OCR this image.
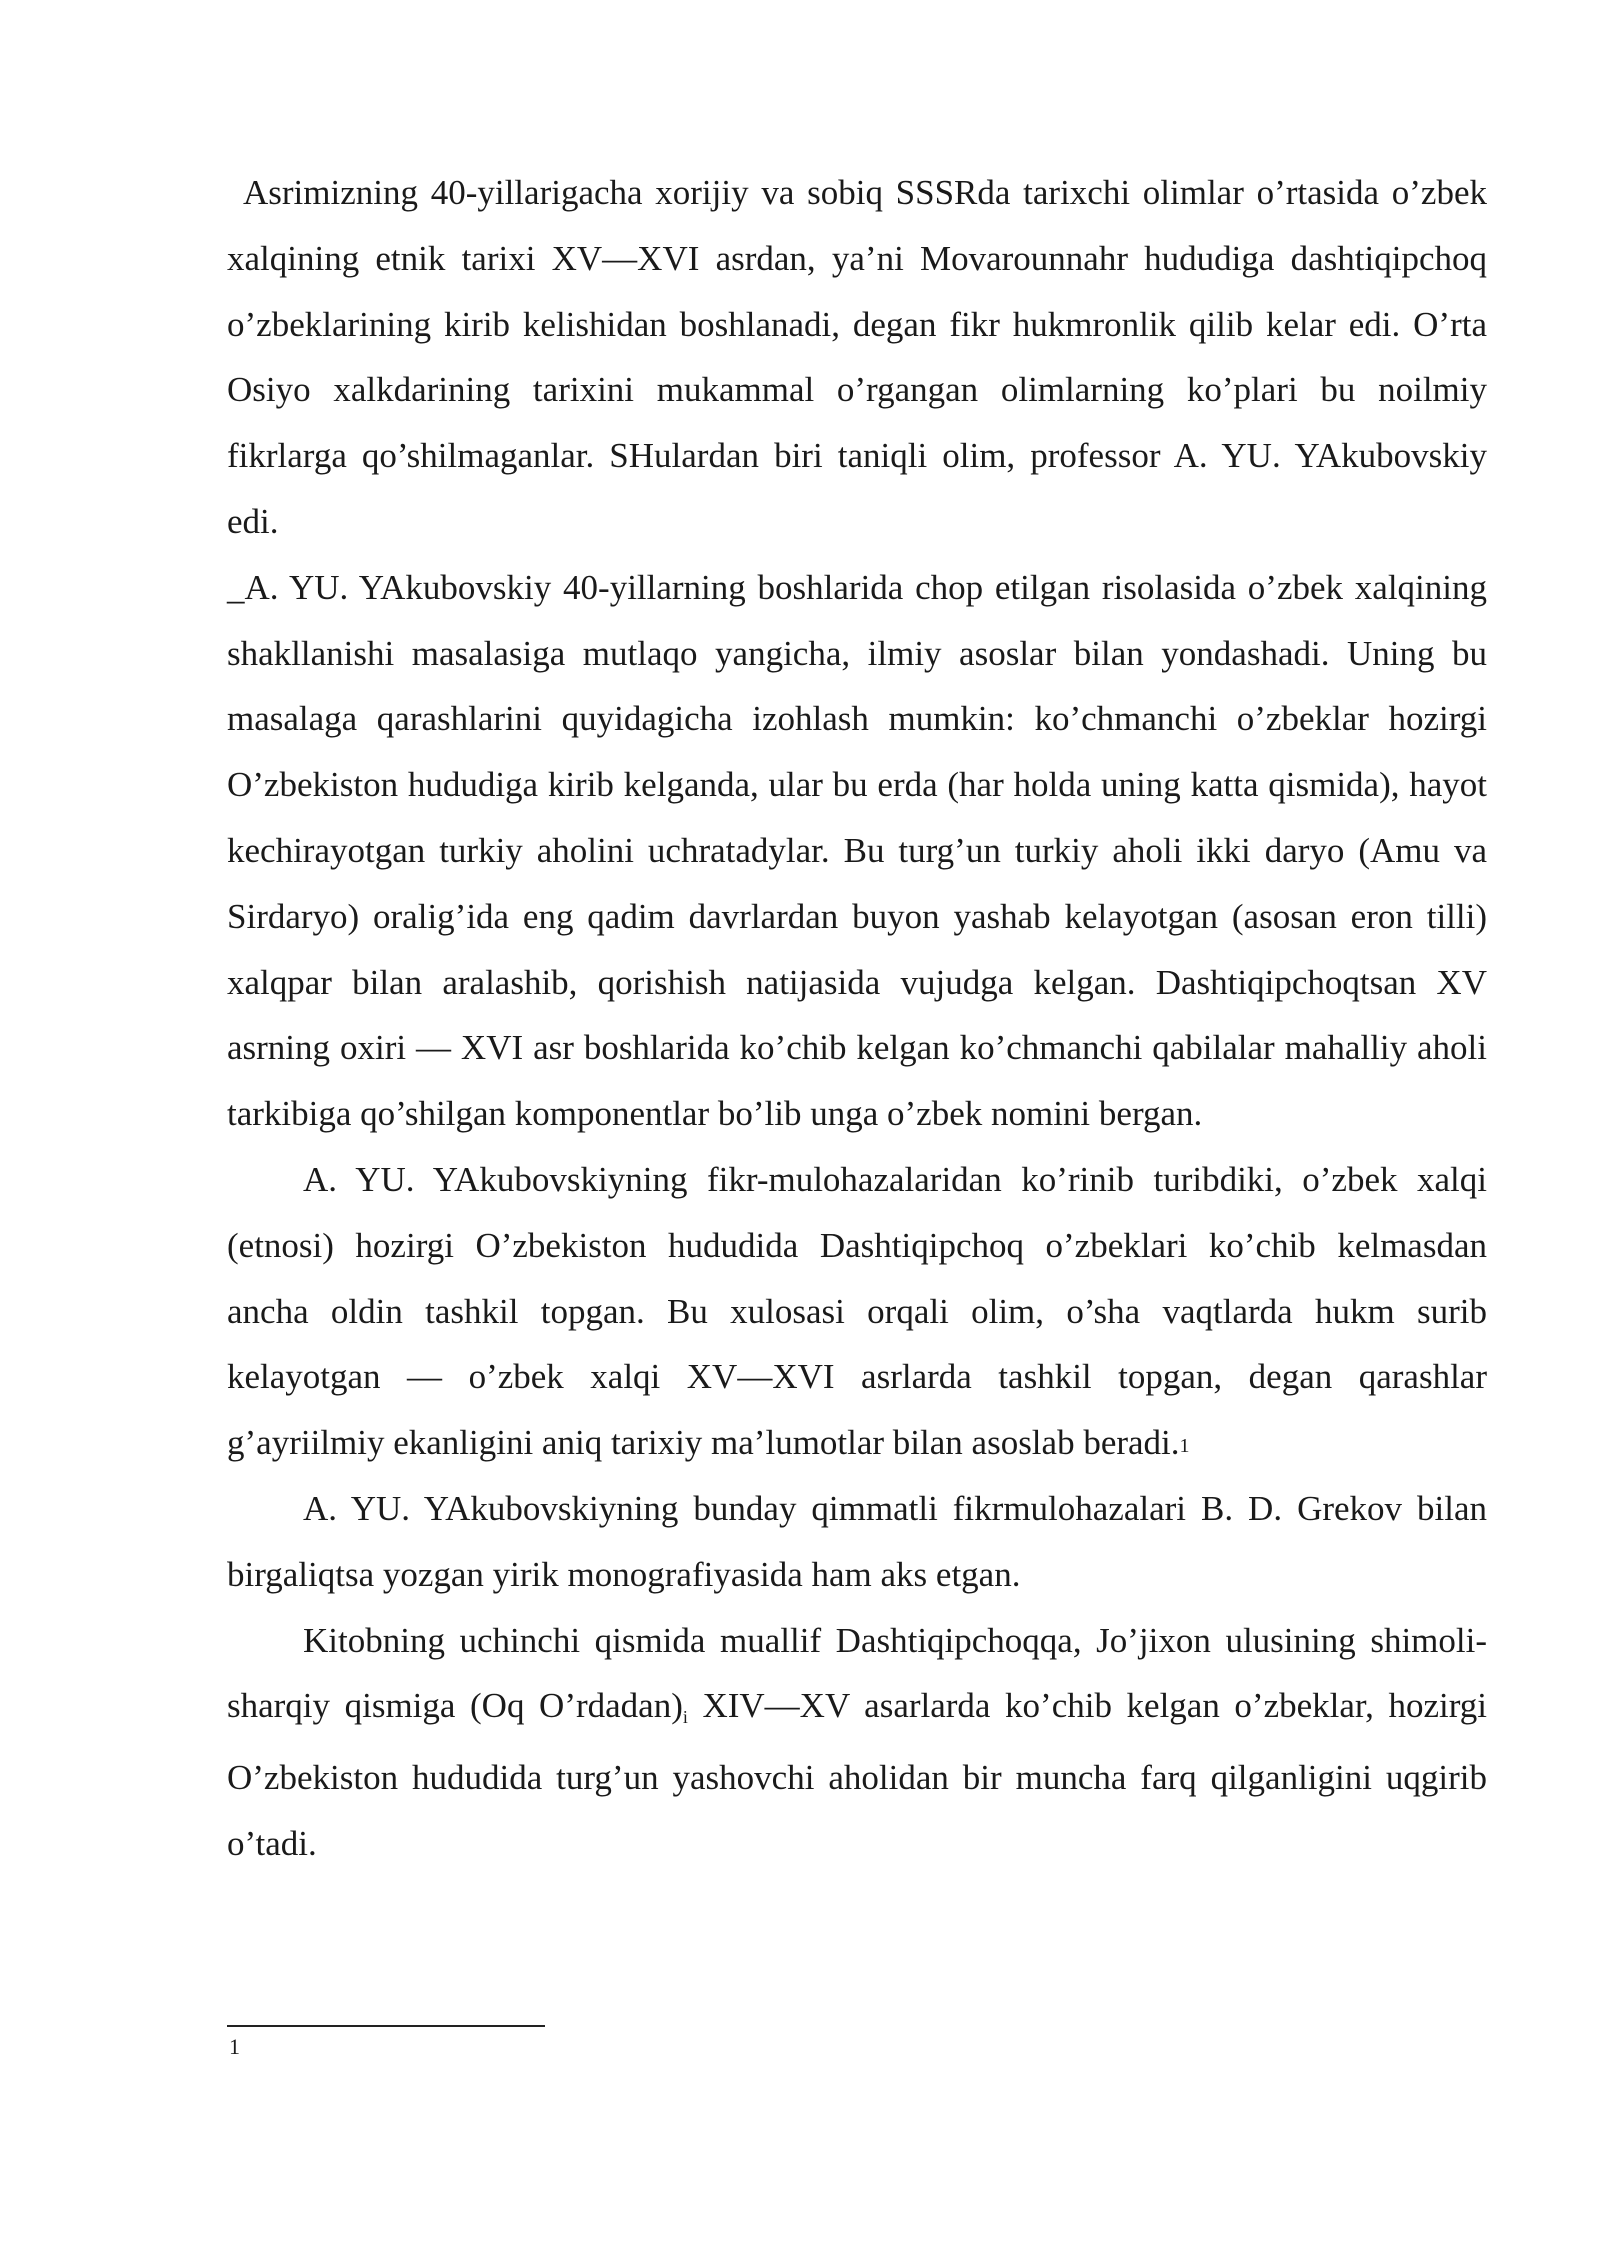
Asrimizning 40-yillarigacha xorijiy va sobiq SSSRda tarixchi olimlar o’rtasida o’zbek xalqining etnik tarixi XV—XVI asrdan, ya’ni Movarounnahr hududiga dashtiqipchoq o’zbeklarining kirib kelishidan boshlanadi, degan fikr hukmronlik qilib kelar edi. O’rta Osiyo xalkdarining tarixini mukammal o’rgangan olimlarning ko’plari bu noilmiy fikrlarga qo’shilmaganlar. SHulardan biri taniqli olim, professor A. YU. YAkubovskiy edi.

_A. YU. YAkubovskiy 40-yillarning boshlarida chop etilgan risolasida o’zbek xalqining shakllanishi masalasiga mutlaqo yangicha, ilmiy asoslar bilan yondashadi. Uning bu masalaga qarashlarini quyidagicha izohlash mumkin: ko’chmanchi o’zbeklar hozirgi O’zbekiston hududiga kirib kelganda, ular bu erda (har holda uning katta qismida), hayot kechirayotgan turkiy aholini uchratadylar. Bu turg’un turkiy aholi ikki daryo (Amu va Sirdaryo) oralig’ida eng qadim davrlardan buyon yashab kelayotgan (asosan eron tilli) xalqpar bilan aralashib, qorishish natijasida vujudga kelgan. Dashtiqipchoqtsan XV asrning oxiri — XVI asr boshlarida ko’chib kelgan ko’chmanchi qabilalar mahalliy aholi tarkibiga qo’shilgan komponentlar bo’lib unga o’zbek nomini bergan.

A. YU. YAkubovskiyning fikr-mulohazalaridan ko’rinib turibdiki, o’zbek xalqi (etnosi) hozirgi O’zbekiston hududida Dashtiqipchoq o’zbeklari ko’chib kelmasdan ancha oldin tashkil topgan. Bu xulosasi orqali olim, o’sha vaqtlarda hukm surib kelayotgan — o’zbek xalqi XV—XVI asrlarda tashkil topgan, degan qarashlar g’ayriilmiy ekanligini aniq tarixiy ma’lumotlar bilan asoslab beradi.$^1$

A. YU. YAkubovskiyning bunday qimmatli fikrmulohazalari B. D. Grekov bilan birgaliqtsa yozgan yirik monografiyasida ham aks etgan.

Kitobning uchinchi qismida muallif Dashtiqipchoqqa, Jo’jixon ulusining shimoli-sharqiy qismiga (Oq O’rdadan)i XIV—XV asarlarda ko’chib kelgan o’zbeklar, hozirgi O’zbekiston hududida turg’un yashovchi aholidan bir muncha farq qilganligini uqgirib o’tadi.

1
